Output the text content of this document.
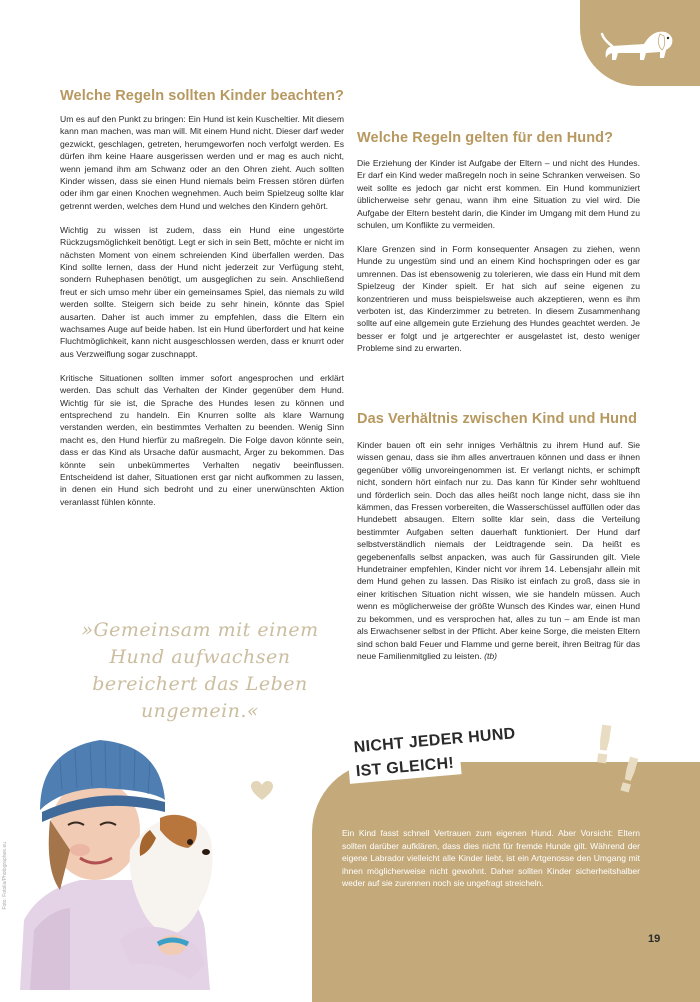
Welche Regeln sollten Kinder beachten?

Um es auf den Punkt zu bringen: Ein Hund ist kein Kuscheltier. Mit diesem kann man machen, was man will. Mit einem Hund nicht. Dieser darf weder gezwickt, geschlagen, getreten, herumgeworfen noch verfolgt werden. Es dürfen ihm keine Haare ausgerissen werden und er mag es auch nicht, wenn jemand ihm am Schwanz oder an den Ohren zieht. Auch sollten Kinder wissen, dass sie einen Hund niemals beim Fressen stören dürfen oder ihm gar einen Knochen wegnehmen. Auch beim Spielzeug sollte klar getrennt werden, welches dem Hund und welches den Kindern gehört.

Wichtig zu wissen ist zudem, dass ein Hund eine ungestörte Rückzugsmöglichkeit benötigt. Legt er sich in sein Bett, möchte er nicht im nächsten Moment von einem schreienden Kind überfallen werden. Das Kind sollte lernen, dass der Hund nicht jederzeit zur Verfügung steht, sondern Ruhephasen benötigt, um ausgeglichen zu sein. Anschließend freut er sich umso mehr über ein gemeinsames Spiel, das niemals zu wild werden sollte. Steigern sich beide zu sehr hinein, könnte das Spiel ausarten. Daher ist auch immer zu empfehlen, dass die Eltern ein wachsames Auge auf beide haben. Ist ein Hund überfordert und hat keine Fluchtmöglichkeit, kann nicht ausgeschlossen werden, dass er knurrt oder aus Verzweiflung sogar zuschnappt.

Kritische Situationen sollten immer sofort angesprochen und erklärt werden. Das schult das Verhalten der Kinder gegenüber dem Hund. Wichtig für sie ist, die Sprache des Hundes lesen zu können und entsprechend zu handeln. Ein Knurren sollte als klare Warnung verstanden werden, ein bestimmtes Verhalten zu beenden. Wenig Sinn macht es, den Hund hierfür zu maßregeln. Die Folge davon könnte sein, dass er das Kind als Ursache dafür ausmacht, Ärger zu bekommen. Das könnte sein unbekümmertes Verhalten negativ beeinflussen. Entscheidend ist daher, Situationen erst gar nicht aufkommen zu lassen, in denen ein Hund sich bedroht und zu einer unerwünschten Aktion veranlasst fühlen könnte.

Welche Regeln gelten für den Hund?

Die Erziehung der Kinder ist Aufgabe der Eltern – und nicht des Hundes. Er darf ein Kind weder maßregeln noch in seine Schranken verweisen. So weit sollte es jedoch gar nicht erst kommen. Ein Hund kommuniziert üblicherweise sehr genau, wann ihm eine Situation zu viel wird. Die Aufgabe der Eltern besteht darin, die Kinder im Umgang mit dem Hund zu schulen, um Konflikte zu vermeiden.

Klare Grenzen sind in Form konsequenter Ansagen zu ziehen, wenn Hunde zu ungestüm sind und an einem Kind hochspringen oder es gar umrennen. Das ist ebensowenig zu tolerieren, wie dass ein Hund mit dem Spielzeug der Kinder spielt. Er hat sich auf seine eigenen zu konzentrieren und muss beispielsweise auch akzeptieren, wenn es ihm verboten ist, das Kinderzimmer zu betreten. In diesem Zusammenhang sollte auf eine allgemein gute Erziehung des Hundes geachtet werden. Je besser er folgt und je artgerechter er ausgelastet ist, desto weniger Probleme sind zu erwarten.

Das Verhältnis zwischen Kind und Hund

Kinder bauen oft ein sehr inniges Verhältnis zu ihrem Hund auf. Sie wissen genau, dass sie ihm alles anvertrauen können und dass er ihnen gegenüber völlig unvoreingenommen ist. Er verlangt nichts, er schimpft nicht, sondern hört einfach nur zu. Das kann für Kinder sehr wohltuend und förderlich sein. Doch das alles heißt noch lange nicht, dass sie ihn kämmen, das Fressen vorbereiten, die Wasserschüssel auffüllen oder das Hundebett absaugen. Eltern sollte klar sein, dass die Verteilung bestimmter Aufgaben selten dauerhaft funktioniert. Der Hund darf selbstverständlich niemals der Leidtragende sein. Da heißt es gegebenenfalls selbst anpacken, was auch für Gassirunden gilt. Viele Hundetrainer empfehlen, Kinder nicht vor ihrem 14. Lebensjahr allein mit dem Hund gehen zu lassen. Das Risiko ist einfach zu groß, dass sie in einer kritischen Situation nicht wissen, wie sie handeln müssen. Auch wenn es möglicherweise der größte Wunsch des Kindes war, einen Hund zu bekommen, und es versprochen hat, alles zu tun – am Ende ist man als Erwachsener selbst in der Pflicht. Aber keine Sorge, die meisten Eltern sind schon bald Feuer und Flamme und gerne bereit, ihren Beitrag für das neue Familienmitglied zu leisten. (tb)

»Gemeinsam mit einem Hund aufwachsen bereichert das Leben ungemein.«
Foto: Fotolia/Photographee.eu
!
!
NICHT JEDER HUND
IST GLEICH!
Ein Kind fasst schnell Vertrauen zum eigenen Hund. Aber Vorsicht: Eltern sollten darüber aufklären, dass dies nicht für fremde Hunde gilt. Während der eigene Labrador vielleicht alle Kinder liebt, ist ein Artgenosse den Umgang mit ihnen möglicherweise nicht gewohnt. Daher sollten Kinder sicherheitshalber weder auf sie zurennen noch sie ungefragt streicheln.
19
